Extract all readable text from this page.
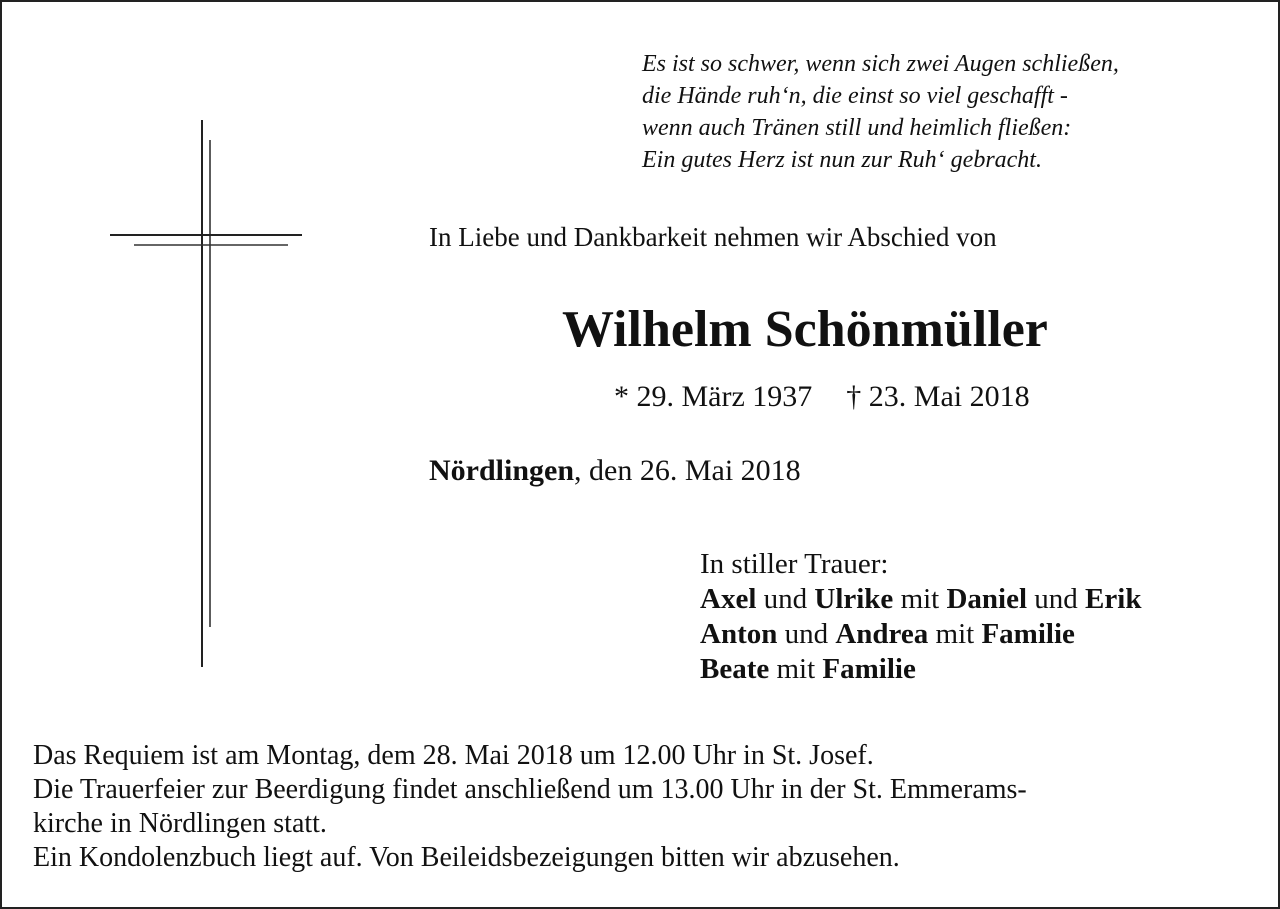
Es ist so schwer, wenn sich zwei Augen schließen,
die Hände ruh‘n, die einst so viel geschafft -
wenn auch Tränen still und heimlich fließen:
Ein gutes Herz ist nun zur Ruh‘ gebracht.
In Liebe und Dankbarkeit nehmen wir Abschied von
Wilhelm Schönmüller
* 29. März 1937 † 23. Mai 2018
Nördlingen, den 26. Mai 2018
In stiller Trauer:
Axel und Ulrike mit Daniel und Erik
Anton und Andrea mit Familie
Beate mit Familie
Das Requiem ist am Montag, dem 28. Mai 2018 um 12.00 Uhr in St. Josef.
Die Trauerfeier zur Beerdigung findet anschließend um 13.00 Uhr in der St. Emmerams-
kirche in Nördlingen statt.
Ein Kondolenzbuch liegt auf. Von Beileidsbezeigungen bitten wir abzusehen.
